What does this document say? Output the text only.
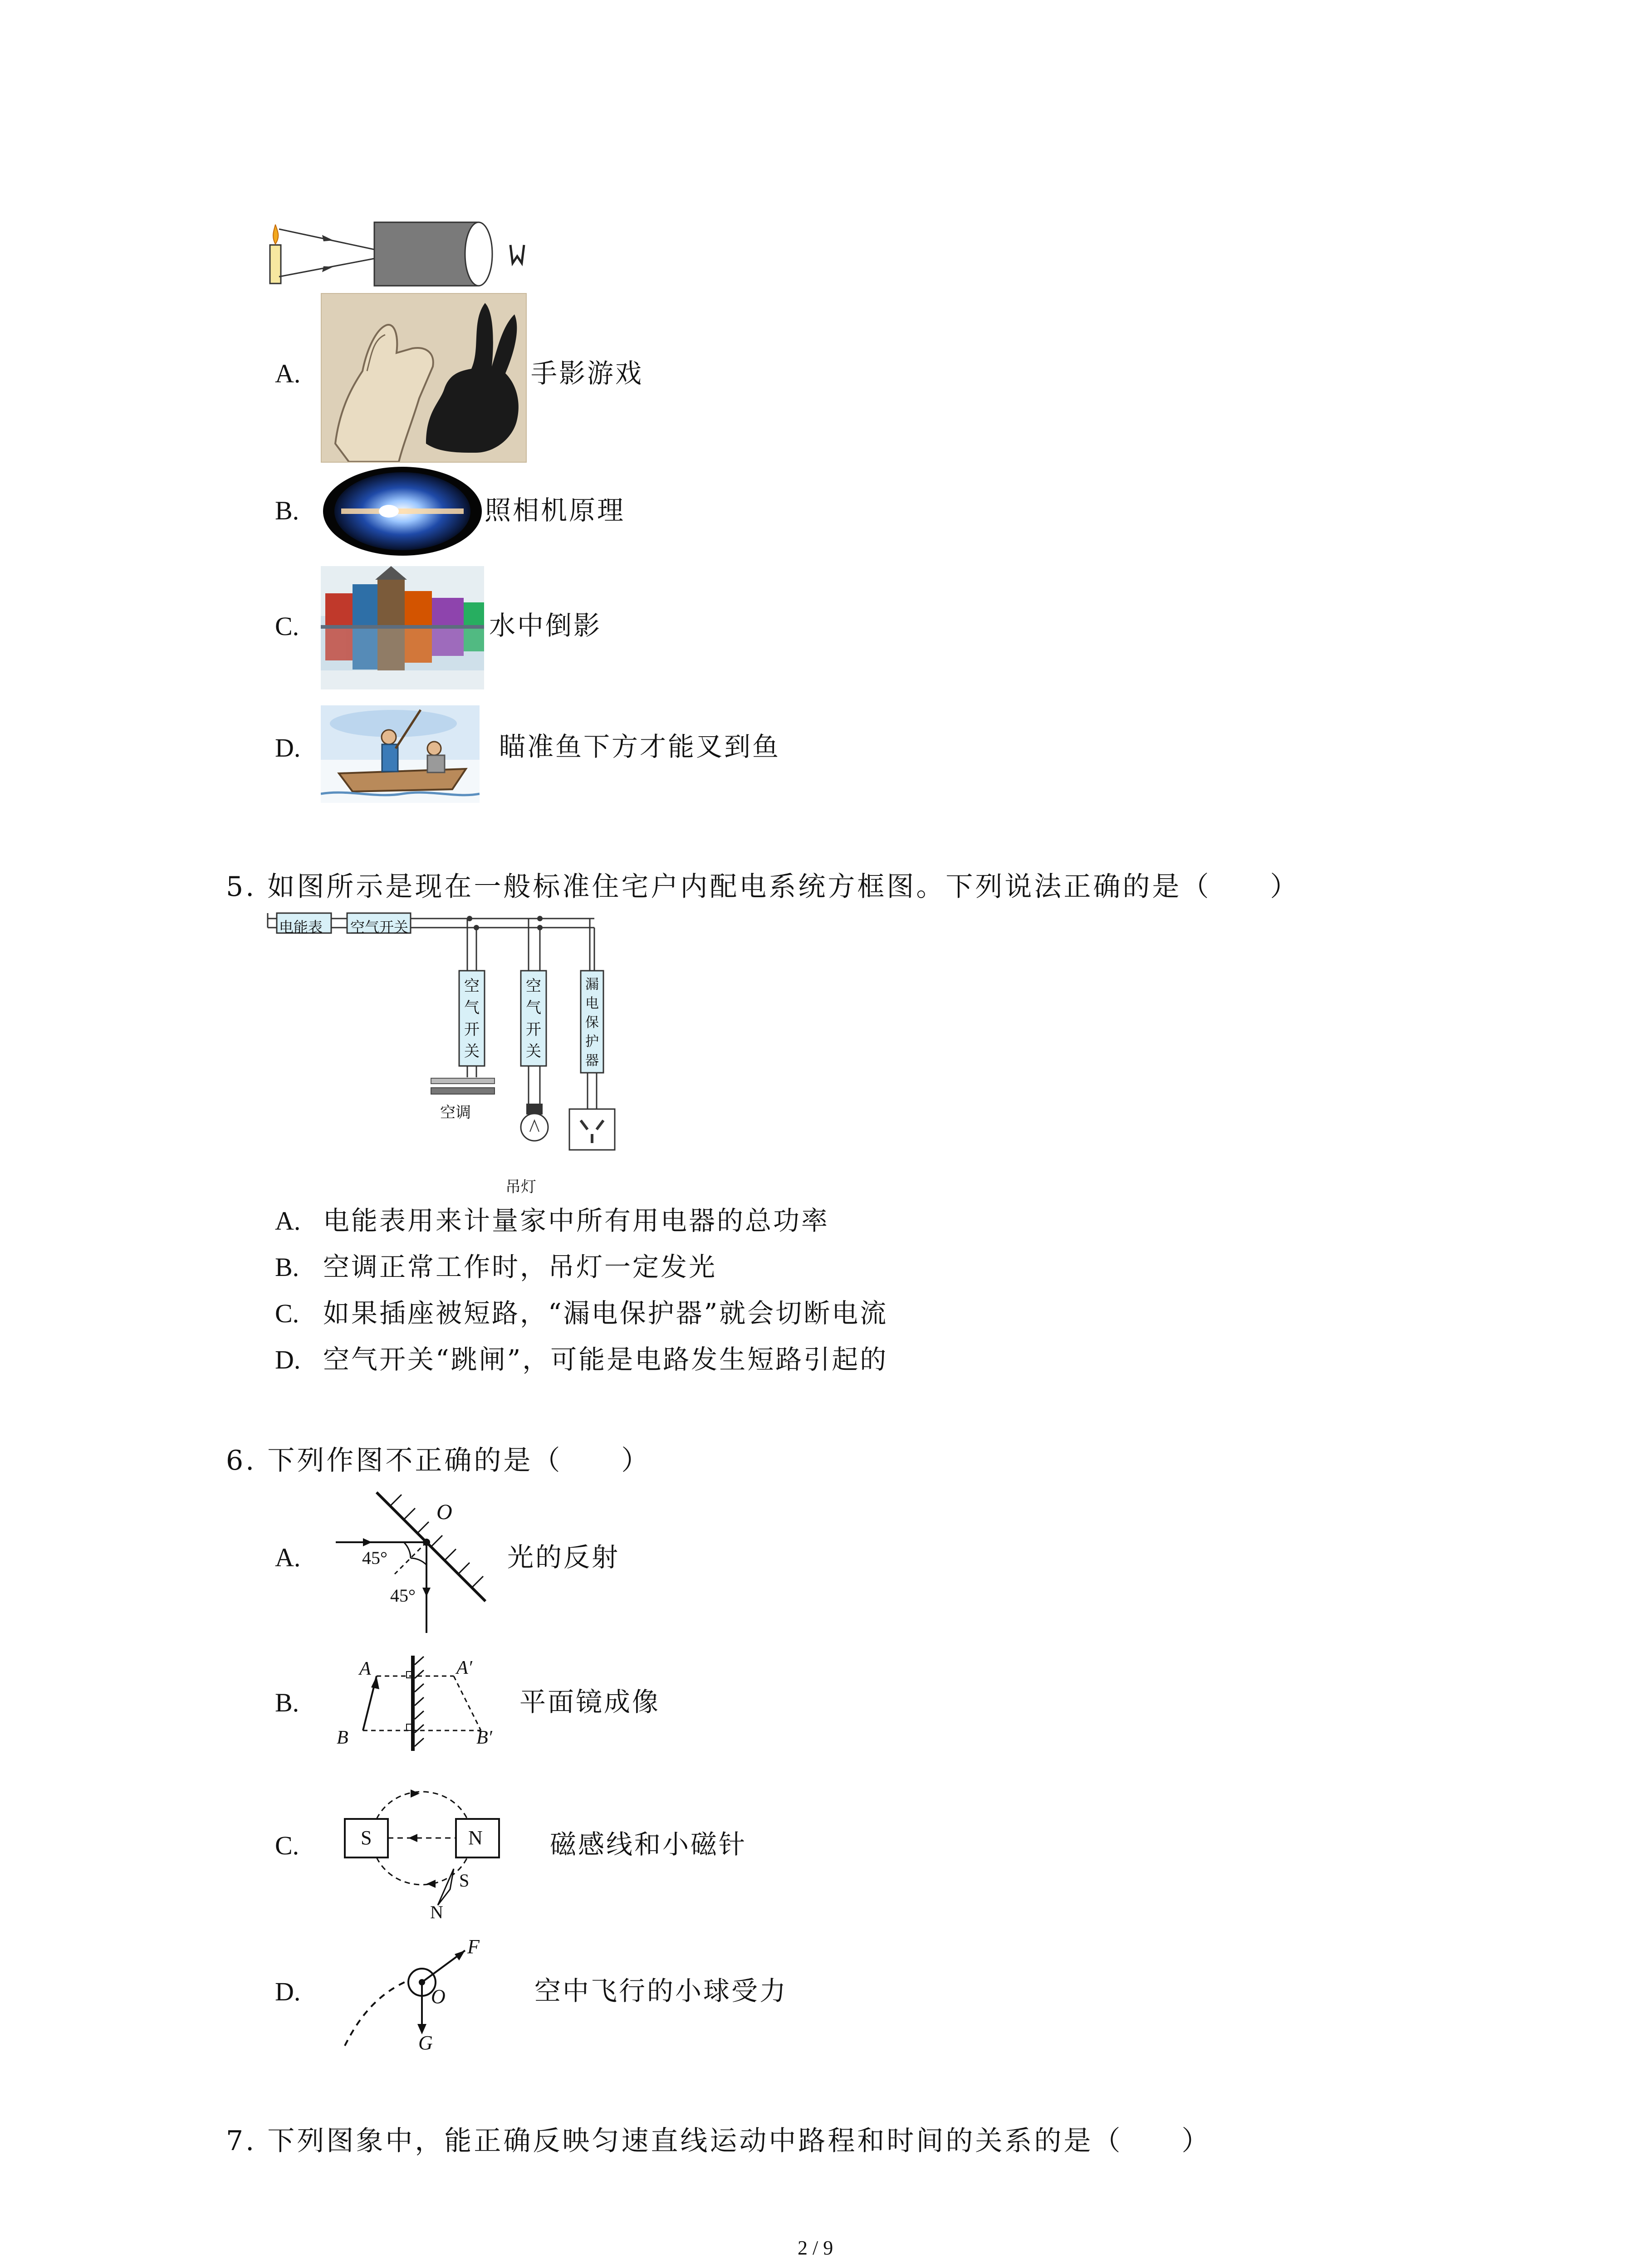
A.	手影游戏
B.	照相机原理
C.	水中倒影
D.	瞄准鱼下方才能叉到鱼
5. 如图所示是现在一般标准住宅户内配电系统方框图。下列说法正确的是（　　）
电能表 空气开关
空
气
开
关
空
气
开
关
漏
电
保
护
器
空调
吊灯
A. 电能表用来计量家中所有用电器的总功率
B. 空调正常工作时，吊灯一定发光
C. 如果插座被短路，“漏电保护器”就会切断电流
D. 空气开关“跳闸”，可能是电路发生短路引起的
6. 下列作图不正确的是（　　）
A.
O
45°
45°
光的反射
B.
A
B
A′
B′
平面镜成像
C.	S	N
S
N
磁感线和小磁针
D.
F
O
G
空中飞行的小球受力
7. 下列图象中，能正确反映匀速直线运动中路程和时间的关系的是（　　）
2 / 9
